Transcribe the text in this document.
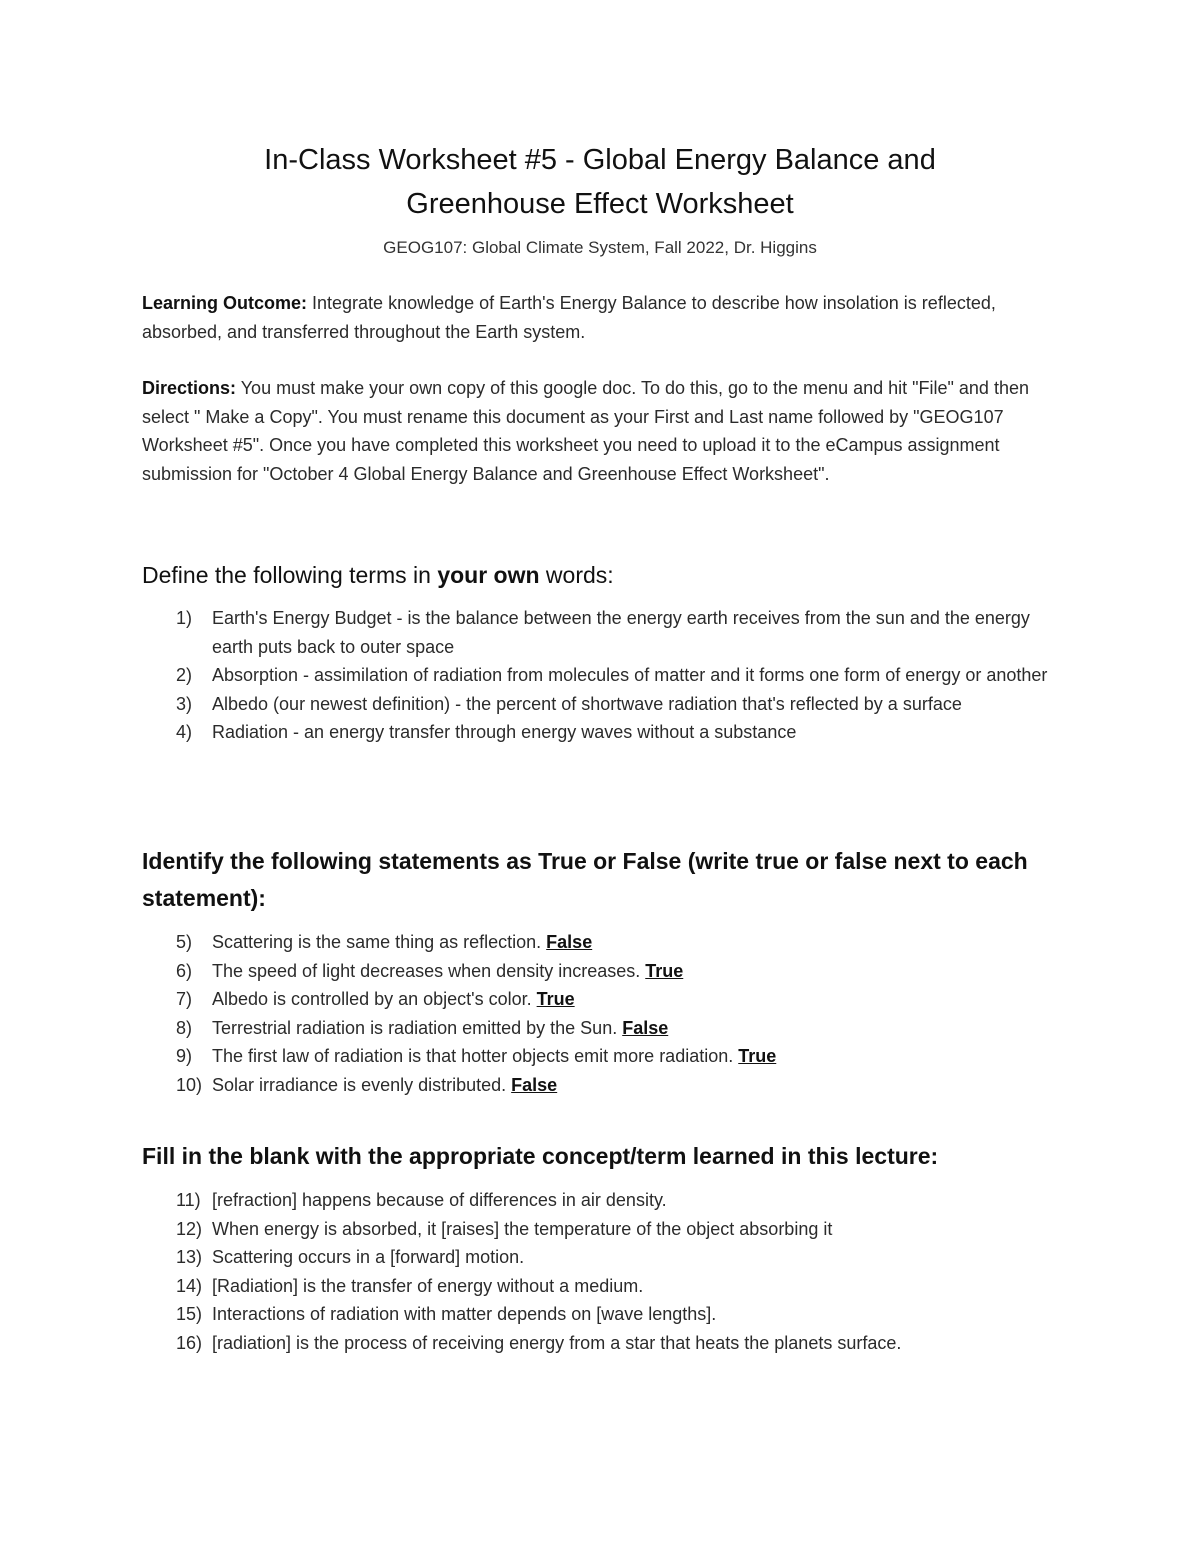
In-Class Worksheet #5 - Global Energy Balance and
Greenhouse Effect Worksheet
GEOG107: Global Climate System, Fall 2022, Dr. Higgins
Learning Outcome: Integrate knowledge of Earth's Energy Balance to describe how insolation is reflected, absorbed, and transferred throughout the Earth system.
Directions: You must make your own copy of this google doc. To do this, go to the menu and hit "File" and then select " Make a Copy". You must rename this document as your First and Last name followed by "GEOG107 Worksheet #5". Once you have completed this worksheet you need to upload it to the eCampus assignment submission for "October 4 Global Energy Balance and Greenhouse Effect Worksheet".
Define the following terms in your own words:
1)	Earth's Energy Budget - is the balance between the energy earth receives from the sun and the energy earth puts back to outer space
2)	Absorption - assimilation of radiation from molecules of matter and it forms one form of energy or another
3)	Albedo (our newest definition) - the percent of shortwave radiation that's reflected by a surface
4)	Radiation - an energy transfer through energy waves without a substance
Identify the following statements as True or False (write true or false next to each statement):
5)	Scattering is the same thing as reflection. False
6)	The speed of light decreases when density increases. True
7)	Albedo is controlled by an object's color. True
8)	Terrestrial radiation is radiation emitted by the Sun. False
9)	The first law of radiation is that hotter objects emit more radiation. True
10) Solar irradiance is evenly distributed. False
Fill in the blank with the appropriate concept/term learned in this lecture:
11) [refraction] happens because of differences in air density.
12) When energy is absorbed, it [raises] the temperature of the object absorbing it
13) Scattering occurs in a [forward] motion.
14) [Radiation] is the transfer of energy without a medium.
15) Interactions of radiation with matter depends on [wave lengths].
16) [radiation] is the process of receiving energy from a star that heats the planets surface.
